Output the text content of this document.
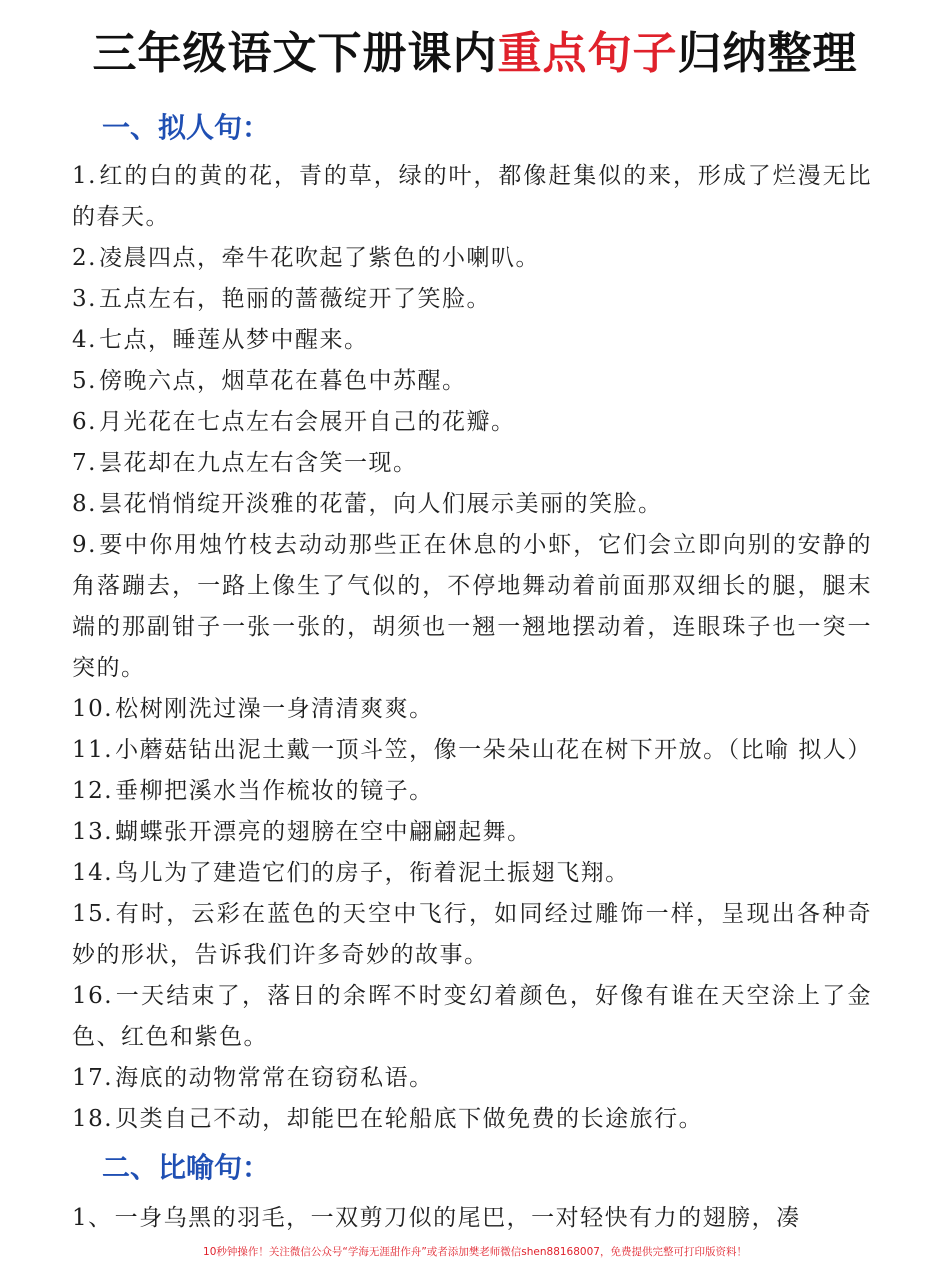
三年级语文下册课内重点句子归纳整理
一、拟人句：
1.红的白的黄的花，青的草，绿的叶，都像赶集似的来，形成了烂漫无比的春天。
2.凌晨四点，牵牛花吹起了紫色的小喇叭。
3.五点左右，艳丽的蔷薇绽开了笑脸。
4.七点，睡莲从梦中醒来。
5.傍晚六点，烟草花在暮色中苏醒。
6.月光花在七点左右会展开自己的花瓣。
7.昙花却在九点左右含笑一现。
8.昙花悄悄绽开淡雅的花蕾，向人们展示美丽的笑脸。
9.要中你用烛竹枝去动动那些正在休息的小虾，它们会立即向别的安静的角落蹦去，一路上像生了气似的，不停地舞动着前面那双细长的腿，腿末端的那副钳子一张一张的，胡须也一翘一翘地摆动着，连眼珠子也一突一突的。
10.松树刚洗过澡一身清清爽爽。
11.小蘑菇钻出泥土戴一顶斗笠，像一朵朵山花在树下开放。（比喻 拟人）
12.垂柳把溪水当作梳妆的镜子。
13.蝴蝶张开漂亮的翅膀在空中翩翩起舞。
14.鸟儿为了建造它们的房子，衔着泥土振翅飞翔。
15.有时，云彩在蓝色的天空中飞行，如同经过雕饰一样，呈现出各种奇妙的形状，告诉我们许多奇妙的故事。
16.一天结束了，落日的余晖不时变幻着颜色，好像有谁在天空涂上了金色、红色和紫色。
17.海底的动物常常在窃窃私语。
18.贝类自己不动，却能巴在轮船底下做免费的长途旅行。
二、比喻句：
1、一身乌黑的羽毛，一双剪刀似的尾巴，一对轻快有力的翅膀，凑
10秒钟操作！关注微信公众号“学海无涯甜作舟”或者添加樊老师微信shen88168007，免费提供完整可打印版资料！
